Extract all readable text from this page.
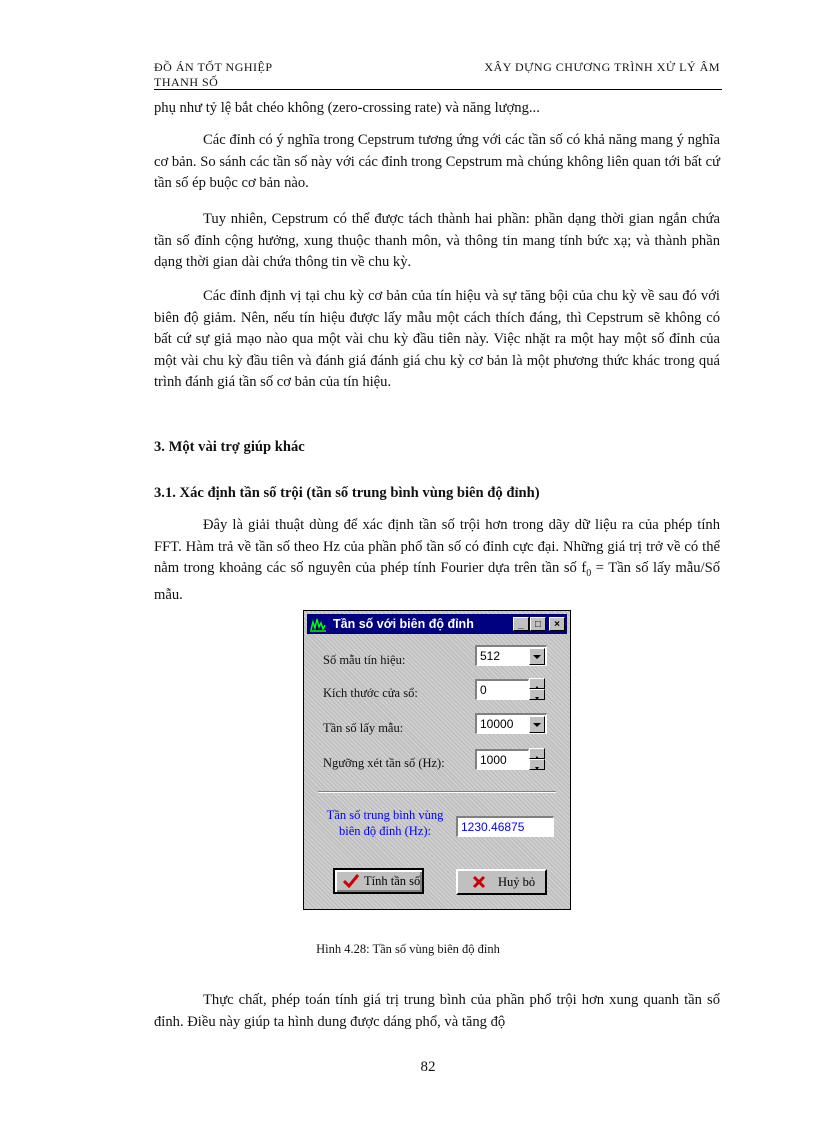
ĐỒ ÁN TỐT NGHIỆP
THANH SỐ
XÂY DỰNG CHƯƠNG TRÌNH XỬ LÝ ÂM

phụ như tỷ lệ bắt chéo không (zero-crossing rate) và năng lượng...

Các đỉnh có ý nghĩa trong Cepstrum tương ứng với các tần số có khả năng mang ý nghĩa cơ bản. So sánh các tần số này với các đỉnh trong Cepstrum mà chúng không liên quan tới bất cứ tần số ép buộc cơ bản nào.

Tuy nhiên, Cepstrum có thể được tách thành hai phần: phần dạng thời gian ngắn chứa tần số đỉnh cộng hưởng, xung thuộc thanh môn, và thông tin mang tính bức xạ; và thành phần dạng thời gian dài chứa thông tin về chu kỳ.

Các đỉnh định vị tại chu kỳ cơ bản của tín hiệu và sự tăng bội của chu kỳ về sau đó với biên độ giảm. Nên, nếu tín hiệu được lấy mẫu một cách thích đáng, thì Cepstrum sẽ không có bất cứ sự giả mạo nào qua một vài chu kỳ đầu tiên này. Việc nhặt ra một hay một số đỉnh của một vài chu kỳ đầu tiên và đánh giá đánh giá chu kỳ cơ bản là một phương thức khác trong quá trình đánh giá tần số cơ bản của tín hiệu.

3. Một vài trợ giúp khác
3.1. Xác định tần số trội (tần số trung bình vùng biên độ đỉnh)

Đây là giải thuật dùng để xác định tần số trội hơn trong dãy dữ liệu ra của phép tính FFT. Hàm trả về tần số theo Hz của phần phổ tần số có đỉnh cực đại. Những giá trị trở về có thể nằm trong khoảng các số nguyên của phép tính Fourier dựa trên tần số $f_0$ = Tần số lấy mẫu/Số mẫu.

Tần số với biên độ đỉnh	_	□	×
Số mẫu tín hiệu:	512
Kích thước cửa sổ:	0
Tần số lấy mẫu:	10000
Ngưỡng xét tần số (Hz):	1000
Tần số trung bình vùng
biên độ đỉnh (Hz):	1230.46875
Tính tần số	Huỷ bỏ
Hình 4.28: Tần số vùng biên độ đỉnh

Thực chất, phép toán tính giá trị trung bình của phần phổ trội hơn xung quanh tần số đỉnh. Điều này giúp ta hình dung được dáng phổ, và tăng độ

82
